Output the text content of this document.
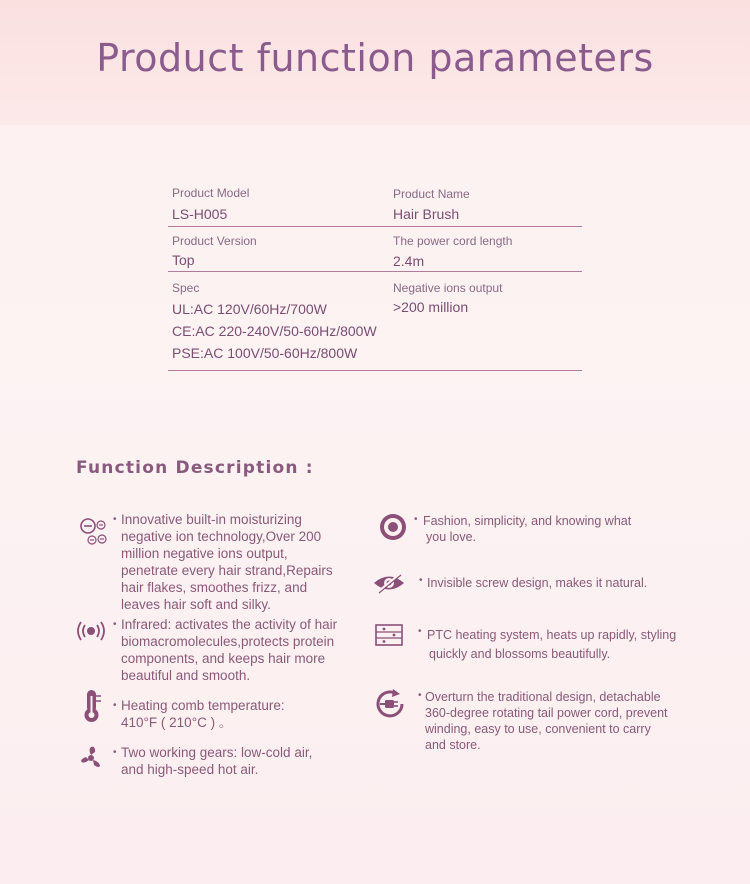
Product function parameters
Product Model
LS-H005
Product Name
Hair Brush
Product Version
Top
The power cord length
2.4m
Spec
UL:AC 120V/60Hz/700W
CE:AC 220-240V/50-60Hz/800W
PSE:AC 100V/50-60Hz/800W
Negative ions output
>200 million
Function Description :
• Innovative built-in moisturizing
negative ion technology,Over 200
million negative ions output,
penetrate every hair strand,Repairs
hair flakes, smoothes frizz, and
leaves hair soft and silky.
• Infrared: activates the activity of hair
biomacromolecules,protects protein
components, and keeps hair more
beautiful and smooth.
• Heating comb temperature:
410°F ( 210°C ) 。
• Two working gears: low-cold air,
and high-speed hot air.
• Fashion, simplicity, and knowing what
you love.
• Invisible screw design, makes it natural.
• PTC heating system, heats up rapidly, styling
quickly and blossoms beautifully.
• Overturn the traditional design, detachable
360-degree rotating tail power cord, prevent
winding, easy to use, convenient to carry
and store.
